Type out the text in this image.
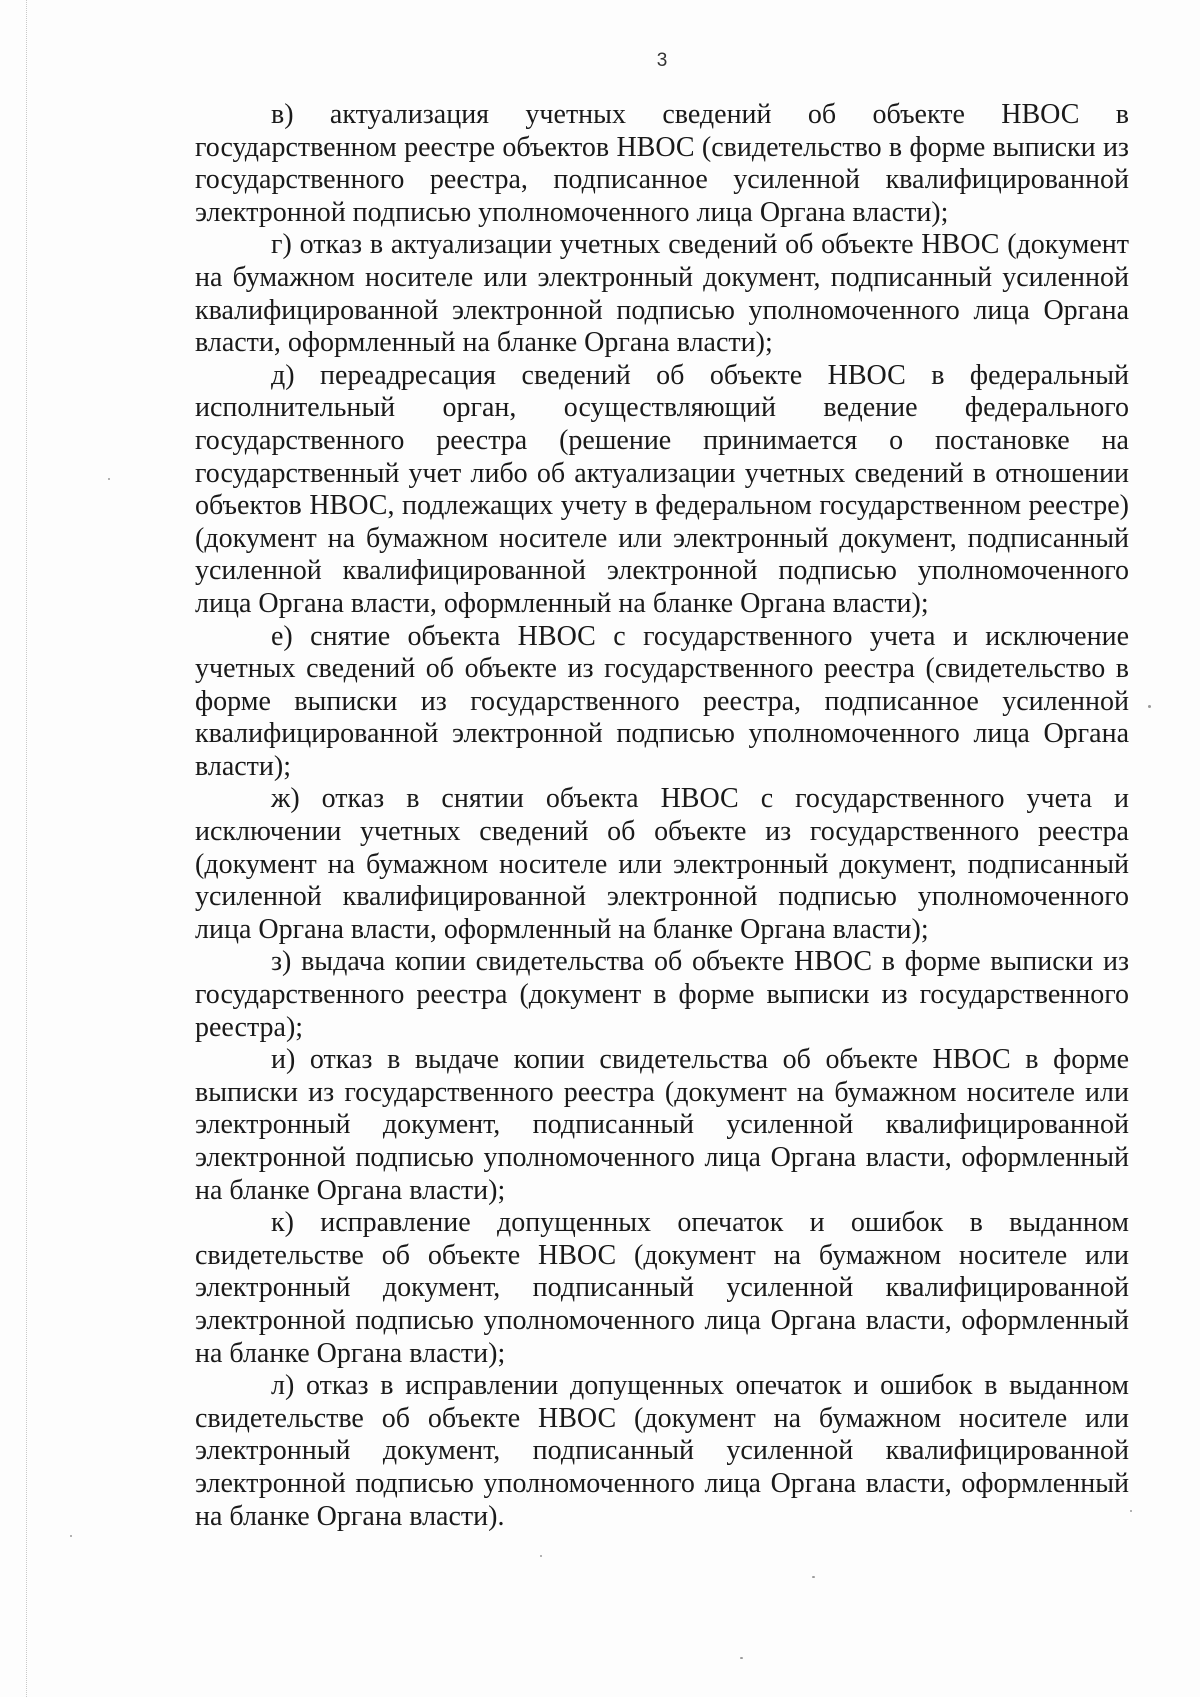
3

в) актуализация учетных сведений об объекте НВОС в государственном реестре объектов НВОС (свидетельство в форме выписки из государственного реестра, подписанное усиленной квалифицированной электронной подписью уполномоченного лица Органа власти);

г) отказ в актуализации учетных сведений об объекте НВОС (документ на бумажном носителе или электронный документ, подписанный усиленной квалифицированной электронной подписью уполномоченного лица Органа власти, оформленный на бланке Органа власти);

д) переадресация сведений об объекте НВОС в федеральный исполнительный орган, осуществляющий ведение федерального государственного реестра (решение принимается о постановке на государственный учет либо об актуализации учетных сведений в отношении объектов НВОС, подлежащих учету в федеральном государственном реестре) (документ на бумажном носителе или электронный документ, подписанный усиленной квалифицированной электронной подписью уполномоченного лица Органа власти, оформленный на бланке Органа власти);

е) снятие объекта НВОС с государственного учета и исключение учетных сведений об объекте из государственного реестра (свидетельство в форме выписки из государственного реестра, подписанное усиленной квалифицированной электронной подписью уполномоченного лица Органа власти);

ж) отказ в снятии объекта НВОС с государственного учета и исключении учетных сведений об объекте из государственного реестра (документ на бумажном носителе или электронный документ, подписанный усиленной квалифицированной электронной подписью уполномоченного лица Органа власти, оформленный на бланке Органа власти);

з) выдача копии свидетельства об объекте НВОС в форме выписки из государственного реестра (документ в форме выписки из государственного реестра);

и) отказ в выдаче копии свидетельства об объекте НВОС в форме выписки из государственного реестра (документ на бумажном носителе или электронный документ, подписанный усиленной квалифицированной электронной подписью уполномоченного лица Органа власти, оформленный на бланке Органа власти);

к) исправление допущенных опечаток и ошибок в выданном свидетельстве об объекте НВОС (документ на бумажном носителе или электронный документ, подписанный усиленной квалифицированной электронной подписью уполномоченного лица Органа власти, оформленный на бланке Органа власти);

л) отказ в исправлении допущенных опечаток и ошибок в выданном свидетельстве об объекте НВОС (документ на бумажном носителе или электронный документ, подписанный усиленной квалифицированной электронной подписью уполномоченного лица Органа власти, оформленный на бланке Органа власти).
